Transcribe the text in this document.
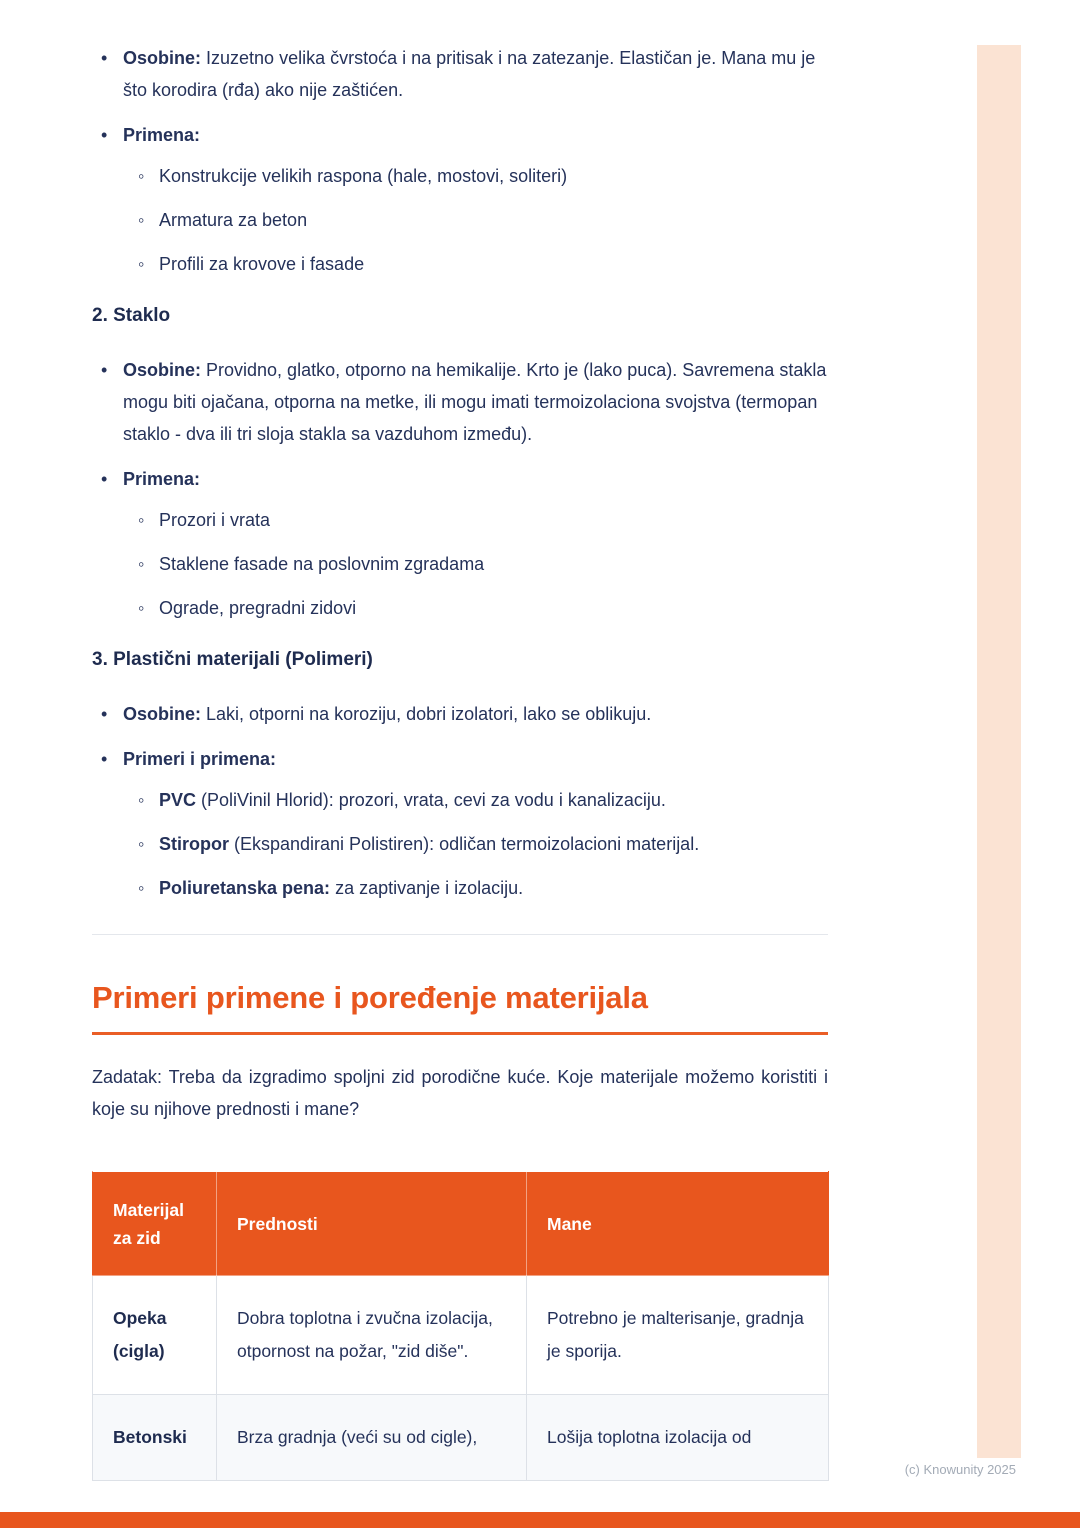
• Osobine: Izuzetno velika čvrstoća i na pritisak i na zatezanje. Elastičan je. Mana mu je što korodira (rđa) ako nije zaštićen.
• Primena:
◦ Konstrukcije velikih raspona (hale, mostovi, soliteri)
◦ Armatura za beton
◦ Profili za krovove i fasade
2. Staklo
• Osobine: Providno, glatko, otporno na hemikalije. Krto je (lako puca). Savremena stakla mogu biti ojačana, otporna na metke, ili mogu imati termoizolaciona svojstva (termopan staklo - dva ili tri sloja stakla sa vazduhom između).
• Primena:
◦ Prozori i vrata
◦ Staklene fasade na poslovnim zgradama
◦ Ograde, pregradni zidovi
3. Plastični materijali (Polimeri)
• Osobine: Laki, otporni na koroziju, dobri izolatori, lako se oblikuju.
• Primeri i primena:
◦ PVC (PoliVinil Hlorid): prozori, vrata, cevi za vodu i kanalizaciju.
◦ Stiropor (Ekspandirani Polistiren): odličan termoizolacioni materijal.
◦ Poliuretanska pena: za zaptivanje i izolaciju.
Primeri primene i poređenje materijala

Zadatak: Treba da izgradimo spoljni zid porodične kuće. Koje materijale možemo koristiti i koje su njihove prednosti i mane?

Materijal za zid	Prednosti	Mane
Opeka (cigla)	Dobra toplotna i zvučna izolacija, otpornost na požar, "zid diše".	Potrebno je malterisanje, gradnja je sporija.
Betonski	Brza gradnja (veći su od cigle),	Lošija toplotna izolacija od
(c) Knowunity 2025
